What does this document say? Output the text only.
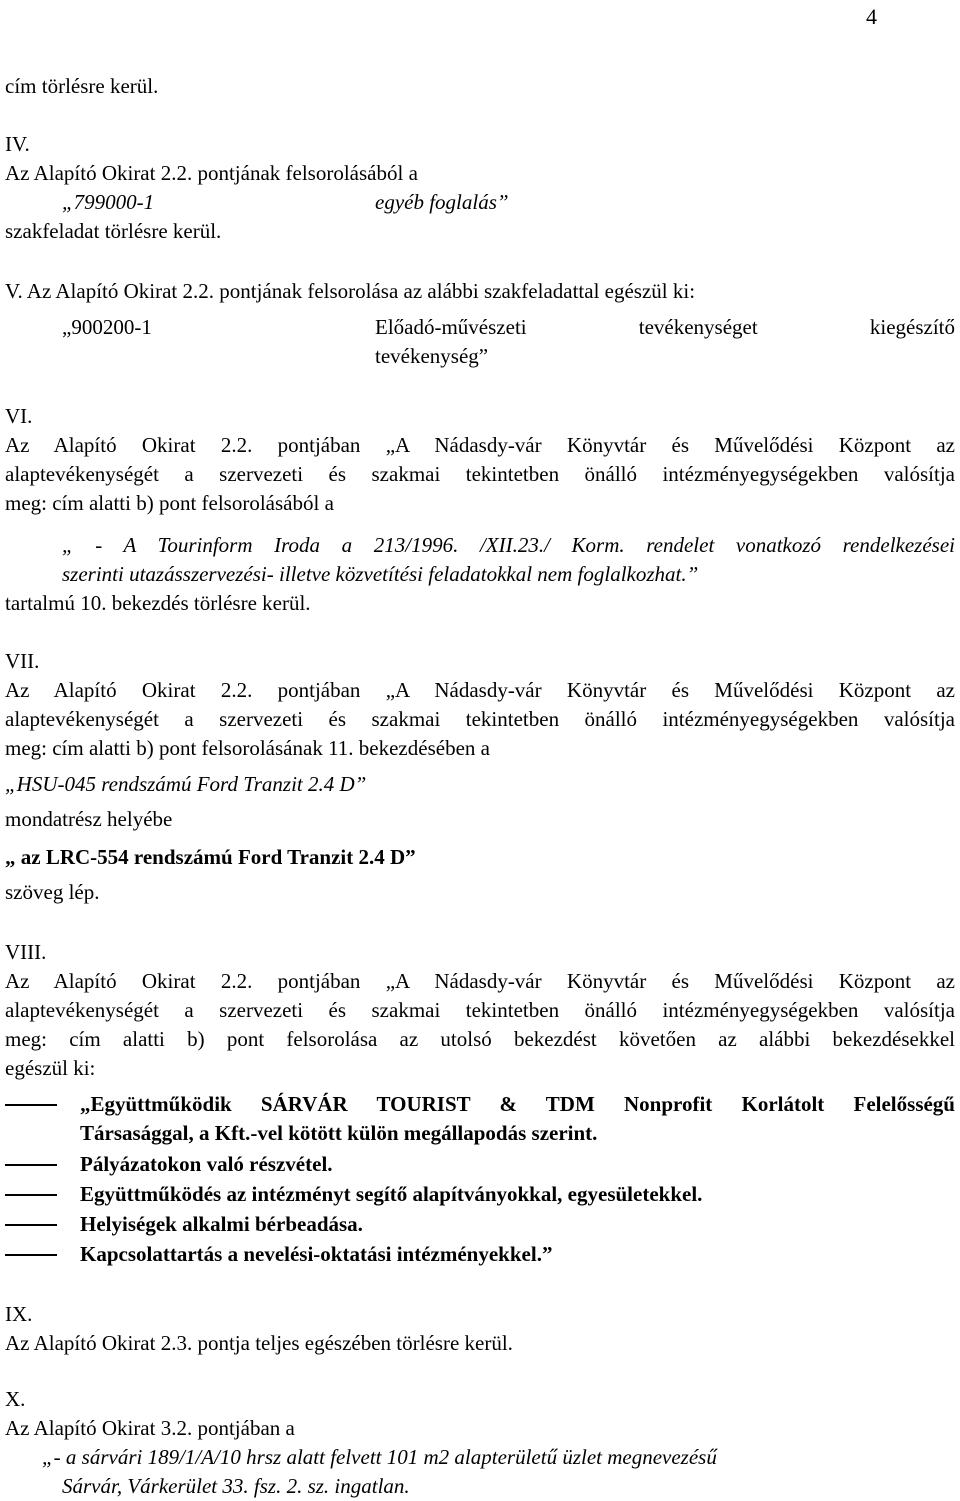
4
cím törlésre kerül.
IV.
Az Alapító Okirat 2.2. pontjának felsorolásából a
„799000-1	egyéb foglalás”
szakfeladat törlésre kerül.
V. Az Alapító Okirat 2.2. pontjának felsorolása az alábbi szakfeladattal egészül ki:
„900200-1	Előadó-művészeti tevékenységet kiegészítő
tevékenység”
VI.
Az Alapító Okirat 2.2. pontjában „A Nádasdy-vár Könyvtár és Művelődési Központ az
alaptevékenységét a szervezeti és szakmai tekintetben önálló intézményegységekben valósítja
meg: cím alatti b) pont felsorolásából a
„ - A Tourinform Iroda a 213/1996. /XII.23./ Korm. rendelet vonatkozó rendelkezései
szerinti utazásszervezési- illetve közvetítési feladatokkal nem foglalkozhat.”
tartalmú 10. bekezdés törlésre kerül.
VII.
Az Alapító Okirat 2.2. pontjában „A Nádasdy-vár Könyvtár és Művelődési Központ az
alaptevékenységét a szervezeti és szakmai tekintetben önálló intézményegységekben valósítja
meg: cím alatti b) pont felsorolásának 11. bekezdésében a
„HSU-045 rendszámú Ford Tranzit 2.4 D”
mondatrész helyébe
„ az LRC-554 rendszámú Ford Tranzit 2.4 D”
szöveg lép.
VIII.
Az Alapító Okirat 2.2. pontjában „A Nádasdy-vár Könyvtár és Művelődési Központ az
alaptevékenységét a szervezeti és szakmai tekintetben önálló intézményegységekben valósítja
meg: cím alatti b) pont felsorolása az utolsó bekezdést követően az alábbi bekezdésekkel
egészül ki:
„Együttműködik SÁRVÁR TOURIST & TDM Nonprofit Korlátolt Felelősségű
Társasággal, a Kft.-vel kötött külön megállapodás szerint.
Pályázatokon való részvétel.
Együttműködés az intézményt segítő alapítványokkal, egyesületekkel.
Helyiségek alkalmi bérbeadása.
Kapcsolattartás a nevelési-oktatási intézményekkel.”
IX.
Az Alapító Okirat 2.3. pontja teljes egészében törlésre kerül.
X.
Az Alapító Okirat 3.2. pontjában a
„- a sárvári 189/1/A/10 hrsz alatt felvett 101 m2 alapterületű üzlet megnevezésű
Sárvár, Várkerület 33. fsz. 2. sz. ingatlan.
